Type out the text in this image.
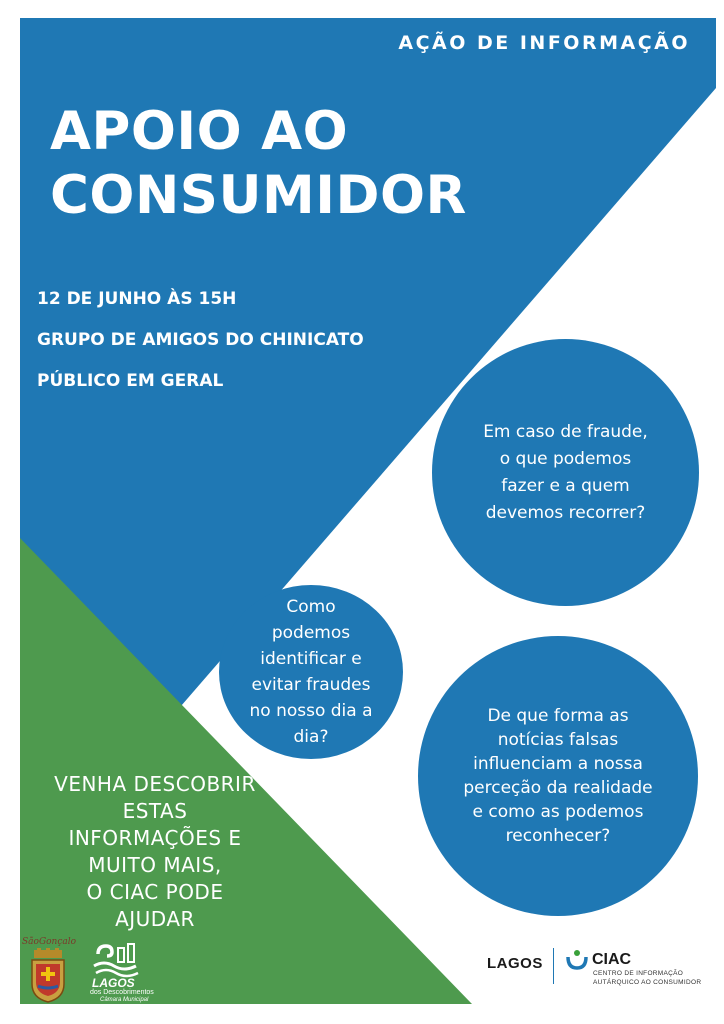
AÇÃO DE INFORMAÇÃO
APOIO AO
CONSUMIDOR
12 DE JUNHO ÀS 15H
GRUPO DE AMIGOS DO CHINICATO
PÚBLICO EM GERAL
Em caso de fraude,
o que podemos
fazer e a quem
devemos recorrer?
Como
podemos
identificar e
evitar fraudes
no nosso dia a
dia?
De que forma as
notícias falsas
influenciam a nossa
perceção da realidade
e como as podemos
reconhecer?
VENHA DESCOBRIR
ESTAS
INFORMAÇÕES E
MUITO MAIS,
O CIAC PODE
AJUDAR
SãoGonçalo
LAGOS
dos Descobrimentos
Câmara Municipal
LAGOS	CIAC
CENTRO DE INFORMAÇÃO
AUTÁRQUICO AO CONSUMIDOR
